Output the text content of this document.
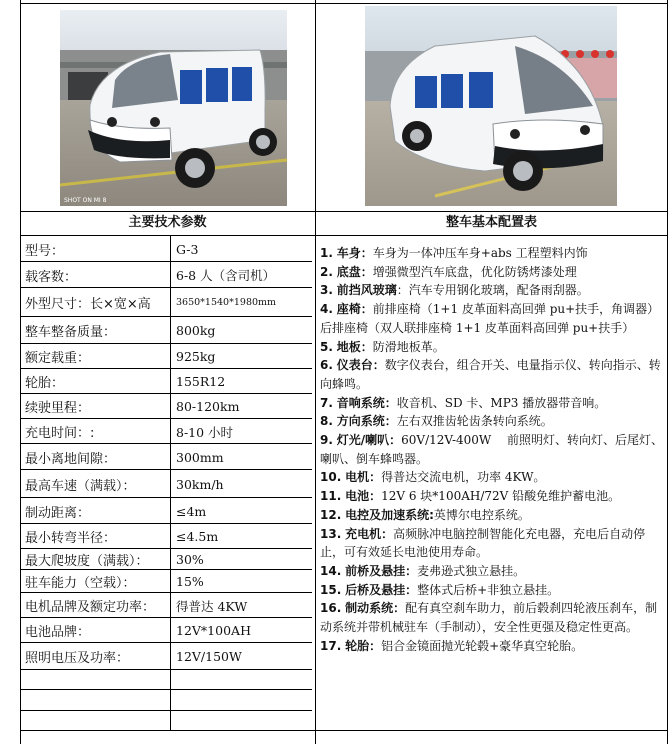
SHOT ON MI 8
主要技术参数	整车基本配置表
型号：	G-3
载客数：	6-8 人（含司机）
外型尺寸：长×宽×高	3650*1540*1980mm
整车整备质量：	800kg
额定载重：	925kg
轮胎：	155R12
续驶里程：	80-120km
充电时间：:	8-10 小时
最小离地间隙：	300mm
最高车速（满载）：	30km/h
制动距离：	≤4m
最小转弯半径：	≤4.5m
最大爬坡度（满载）：	30%
驻车能力（空载）：	15%
电机品牌及额定功率：	得普达 4KW
电池品牌：	12V*100AH
照明电压及功率：	12V/150W

1. 车身：车身为一体冲压车身+abs 工程塑料内饰

2. 底盘：增强微型汽车底盘，优化防锈烤漆处理

3. 前挡风玻璃：汽车专用钢化玻璃，配备雨刮器。

4. 座椅：前排座椅（1+1 皮革面料高回弹 pu+扶手，角调器）后排座椅（双人联排座椅 1+1 皮革面料高回弹 pu+扶手）

5. 地板：防滑地板革。

6. 仪表台：数字仪表台，组合开关、电量指示仪、转向指示、转向蜂鸣。

7. 音响系统：收音机、SD 卡、MP3 播放器带音响。

8. 方向系统：左右双推齿轮齿条转向系统。

9. 灯光/喇叭：60V/12V-400W　 前照明灯、转向灯、后尾灯、喇叭、倒车蜂鸣器。

10. 电机：得普达交流电机，功率 4KW。

11. 电池：12V 6 块*100AH/72V 铅酸免维护蓄电池。

12. 电控及加速系统:英博尔电控系统。

13. 充电机：高频脉冲电脑控制智能化充电器，充电后自动停止，可有效延长电池使用寿命。

14. 前桥及悬挂：麦弗逊式独立悬挂。

15. 后桥及悬挂：整体式后桥+非独立悬挂。

16. 制动系统：配有真空刹车助力，前后毂刹四轮液压刹车，制动系统并带机械驻车（手制动），安全性更强及稳定性更高。

17. 轮胎：铝合金镜面抛光轮毂+豪华真空轮胎。
